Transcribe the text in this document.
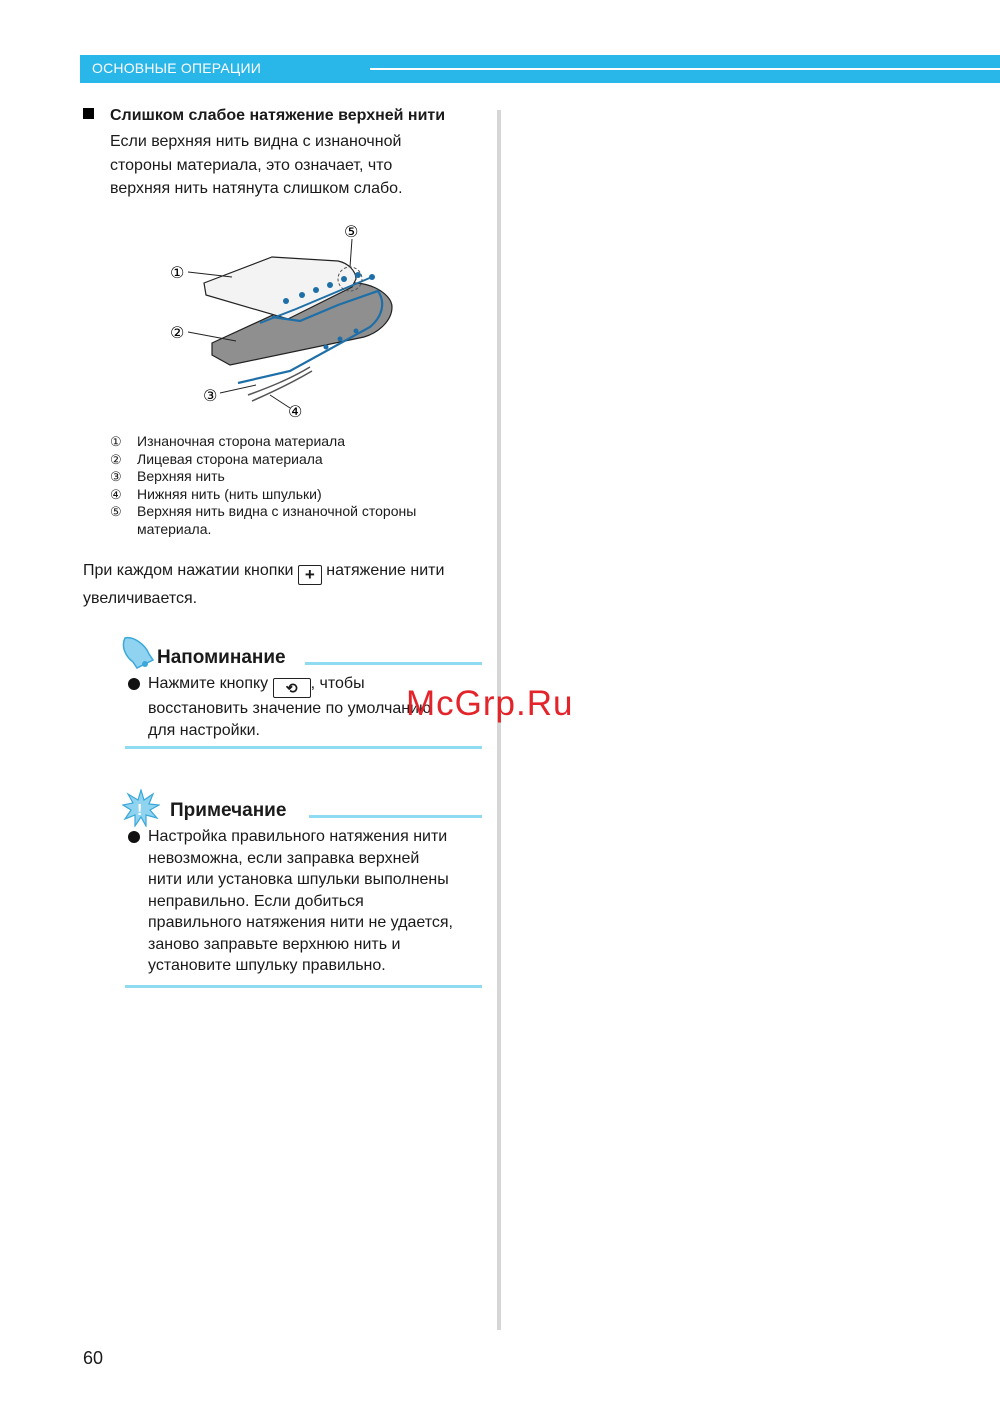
ОСНОВНЫЕ ОПЕРАЦИИ
Слишком слабое натяжение верхней нити
Если верхняя нить видна с изнаночной
стороны материала, это означает, что
верхняя нить натянута слишком слабо.
①
②
③
④
⑤
①	Изнаночная сторона материала
②	Лицевая сторона материала
③	Верхняя нить
④	Нижняя нить (нить шпульки)
⑤	Верхняя нить видна с изнаночной стороны
материала.
При каждом нажатии кнопки + натяжение нити
увеличивается.
Напоминание
Нажмите кнопку ⟲ , чтобы
восстановить значение по умолчанию
для настройки.
! Примечание
Настройка правильного натяжения нити
невозможна, если заправка верхней
нити или установка шпульки выполнены
неправильно. Если добиться
правильного натяжения нити не удается,
заново заправьте верхнюю нить и
установите шпульку правильно.
McGrp.Ru
60
